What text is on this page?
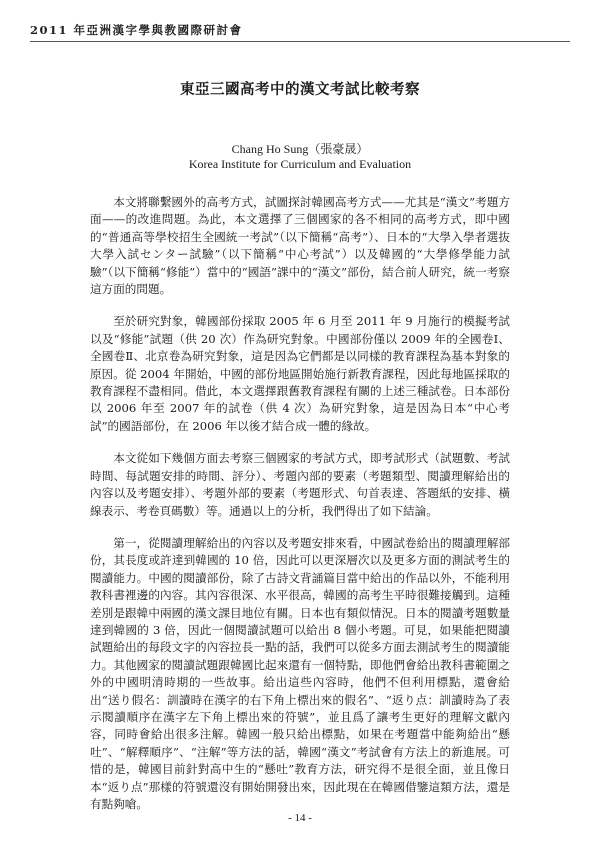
2011 年亞洲漢字學與教國際研討會
東亞三國高考中的漢文考試比較考察
Chang Ho Sung（張豪晟）
Korea Institute for Curriculum and Evaluation

本文將聯繫國外的高考方式，試圖探討韓國高考方式——尤其是“漢文”考題方面——的改進問題。為此，本文選擇了三個國家的各不相同的高考方式，即中國的“普通高等學校招生全國統一考試”（以下簡稱“高考”）、日本的“大學入學者選抜 大學入試センター試驗”（以下簡稱“中心考試”）以及韓國的“大學修學能力試驗”（以下簡稱“修能”）當中的“國語”課中的“漢文”部份，結合前人研究，統一考察這方面的問題。

至於研究對象，韓國部份採取 2005 年 6 月至 2011 年 9 月施行的模擬考試以及“修能”試題（供 20 次）作為研究對象。中國部份僅以 2009 年的全國卷Ⅰ、全國卷Ⅱ、北京卷為研究對象，這是因為它們都是以同樣的教育課程為基本對象的原因。從 2004 年開始，中國的部份地區開始施行新教育課程，因此每地區採取的教育課程不盡相同。借此，本文選擇跟舊教育課程有關的上述三種試卷。日本部份以 2006 年至 2007 年的試卷（供 4 次）為研究對象，這是因為日本“中心考試”的國語部份，在 2006 年以後才結合成一體的緣故。

本文從如下幾個方面去考察三個國家的考試方式，即考試形式（試題數、考試時間、每試題安排的時間、評分）、考題內部的要素（考題類型、閱讀理解給出的內容以及考題安排）、考題外部的要素（考題形式、句首表達、答題紙的安排、橫線表示、考卷頁碼數）等。通過以上的分析，我們得出了如下結論。

第一，從閱讀理解給出的內容以及考題安排來看，中國試卷給出的閱讀理解部份，其長度或許達到韓國的 10 倍，因此可以更深層次以及更多方面的測試考生的閱讀能力。中國的閱讀部份，除了古詩文背誦篇目當中給出的作品以外，不能利用教科書裡邊的內容。其內容很深、水平很高，韓國的高考生平時很難接觸到。這種差別是跟韓中兩國的漢文課目地位有關。日本也有類似情況。日本的閱讀考題數量達到韓國的 3 倍，因此一個閱讀試題可以給出 8 個小考題。可見，如果能把閱讀試題給出的每段文字的內容拉長一點的話，我們可以從多方面去測試考生的閱讀能力。其他國家的閱讀試題跟韓國比起來還有一個特點，即他們會給出教科書範圍之外的中國明清時期的一些故事。給出這些內容時，他們不但利用標點，還會給出“送り假名：訓讀時在漢字的右下角上標出來的假名”、“返り点：訓讀時為了表示閱讀順序在漢字左下角上標出來的符號”，並且爲了讓考生更好的理解文獻內容，同時會給出很多注解。韓國一般只給出標點，如果在考題當中能夠給出“懸吐”、“解釋順序”、“注解”等方法的話，韓國“漢文”考試會有方法上的新進展。可惜的是，韓國目前針對高中生的“懸吐”教育方法，研究得不是很全面，並且像日本“返り点”那樣的符號還沒有開始開發出來，因此現在在韓國借鑒這類方法，還是有點夠嗆。

- 14 -
